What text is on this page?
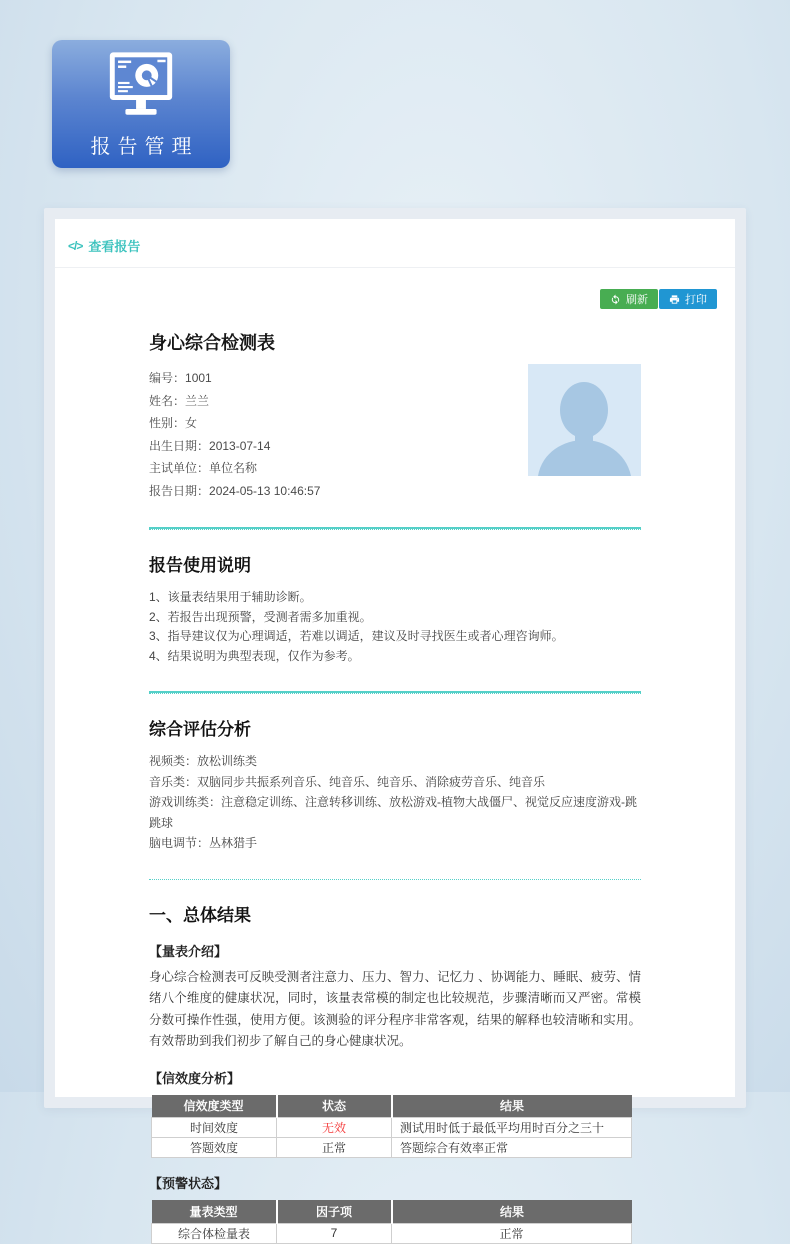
报告管理
</> 查看报告
刷新	打印
身心综合检测表
编号：1001
姓名：兰兰
性别：女
出生日期：2013-07-14
主试单位：单位名称
报告日期：2024-05-13 10:46:57
报告使用说明
1、该量表结果用于辅助诊断。
2、若报告出现预警，受测者需多加重视。
3、指导建议仅为心理调适，若难以调适，建议及时寻找医生或者心理咨询师。
4、结果说明为典型表现，仅作为参考。
综合评估分析
视频类：放松训练类
音乐类：双脑同步共振系列音乐、纯音乐、纯音乐、消除疲劳音乐、纯音乐
游戏训练类：注意稳定训练、注意转移训练、放松游戏-植物大战僵尸、视觉反应速度游戏-跳跳球
脑电调节：丛林猎手
一、总体结果
【量表介绍】
身心综合检测表可反映受测者注意力、压力、智力、记忆力 、协调能力、睡眠、疲劳、情绪八个维度的健康状况，同时，该量表常模的制定也比较规范，步骤清晰而又严密。常模分数可操作性强，使用方便。该测验的评分程序非常客观，结果的解释也较清晰和实用。有效帮助到我们初步了解自己的身心健康状况。
【信效度分析】
信效度类型	状态	结果
时间效度	无效	测试用时低于最低平均用时百分之三十
答题效度	正常	答题综合有效率正常
【预警状态】
量表类型	因子项	结果
综合体检量表	7	正常
